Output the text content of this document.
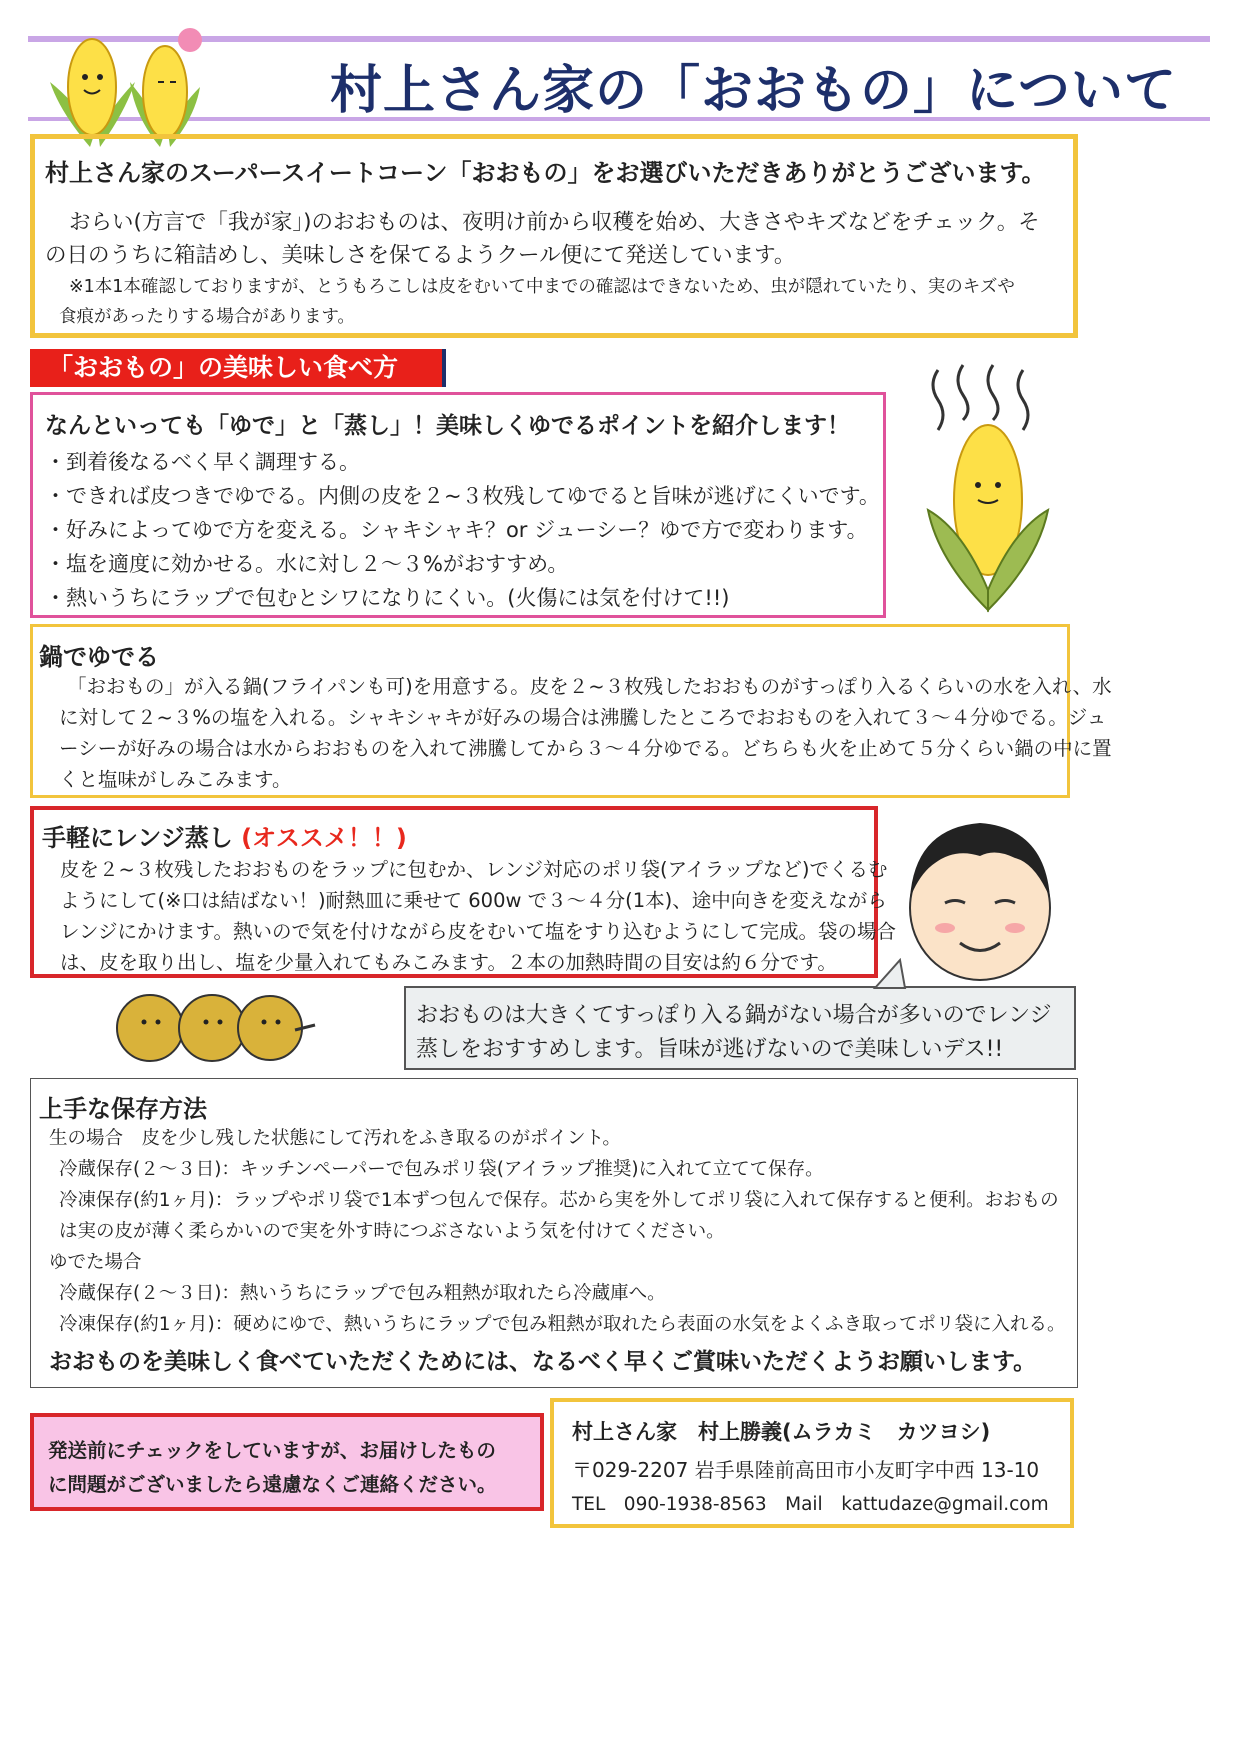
村上さん家の「おおもの」について
村上さん家のスーパースイートコーン「おおもの」をお選びいただきありがとうございます。
おらい(方言で「我が家」)のおおものは、夜明け前から収穫を始め、大きさやキズなどをチェック。そ
の日のうちに箱詰めし、美味しさを保てるようクール便にて発送しています。
※1本1本確認しておりますが、とうもろこしは皮をむいて中までの確認はできないため、虫が隠れていたり、実のキズや
食痕があったりする場合があります。
「おおもの」の美味しい食べ方
なんといっても「ゆで」と「蒸し」！美味しくゆでるポイントを紹介します！
・到着後なるべく早く調理する。
・できれば皮つきでゆでる。内側の皮を２~３枚残してゆでると旨味が逃げにくいです。
・好みによってゆで方を変える。シャキシャキ？or ジューシー？ゆで方で変わります。
・塩を適度に効かせる。水に対し２～３%がおすすめ。
・熱いうちにラップで包むとシワになりにくい。(火傷には気を付けて!!)
鍋でゆでる
「おおもの」が入る鍋(フライパンも可)を用意する。皮を２~３枚残したおおものがすっぽり入るくらいの水を入れ、水
に対して２~３%の塩を入れる。シャキシャキが好みの場合は沸騰したところでおおものを入れて３～４分ゆでる。ジュ
ーシーが好みの場合は水からおおものを入れて沸騰してから３～４分ゆでる。どちらも火を止めて５分くらい鍋の中に置
くと塩味がしみこみます。
手軽にレンジ蒸し (オススメ！！)
皮を２~３枚残したおおものをラップに包むか、レンジ対応のポリ袋(アイラップなど)でくるむ
ようにして(※口は結ばない！)耐熱皿に乗せて 600w で３～４分(1本)、途中向きを変えながら
レンジにかけます。熱いので気を付けながら皮をむいて塩をすり込むようにして完成。袋の場合
は、皮を取り出し、塩を少量入れてもみこみます。２本の加熱時間の目安は約６分です。
おおものは大きくてすっぽり入る鍋がない場合が多いのでレンジ
蒸しをおすすめします。旨味が逃げないので美味しいデス!!
上手な保存方法
生の場合　皮を少し残した状態にして汚れをふき取るのがポイント。
冷蔵保存(２～３日)：キッチンペーパーで包みポリ袋(アイラップ推奨)に入れて立てて保存。
冷凍保存(約1ヶ月)：ラップやポリ袋で1本ずつ包んで保存。芯から実を外してポリ袋に入れて保存すると便利。おおもの
は実の皮が薄く柔らかいので実を外す時につぶさないよう気を付けてください。
ゆでた場合
冷蔵保存(２～３日)：熱いうちにラップで包み粗熱が取れたら冷蔵庫へ。
冷凍保存(約1ヶ月)：硬めにゆで、熱いうちにラップで包み粗熱が取れたら表面の水気をよくふき取ってポリ袋に入れる。
おおものを美味しく食べていただくためには、なるべく早くご賞味いただくようお願いします。
発送前にチェックをしていますが、お届けしたもの
に問題がございましたら遠慮なくご連絡ください。
村上さん家　村上勝義(ムラカミ　カツヨシ)
〒029-2207 岩手県陸前高田市小友町字中西 13-10
TEL　090-1938-8563　Mail　kattudaze@gmail.com
